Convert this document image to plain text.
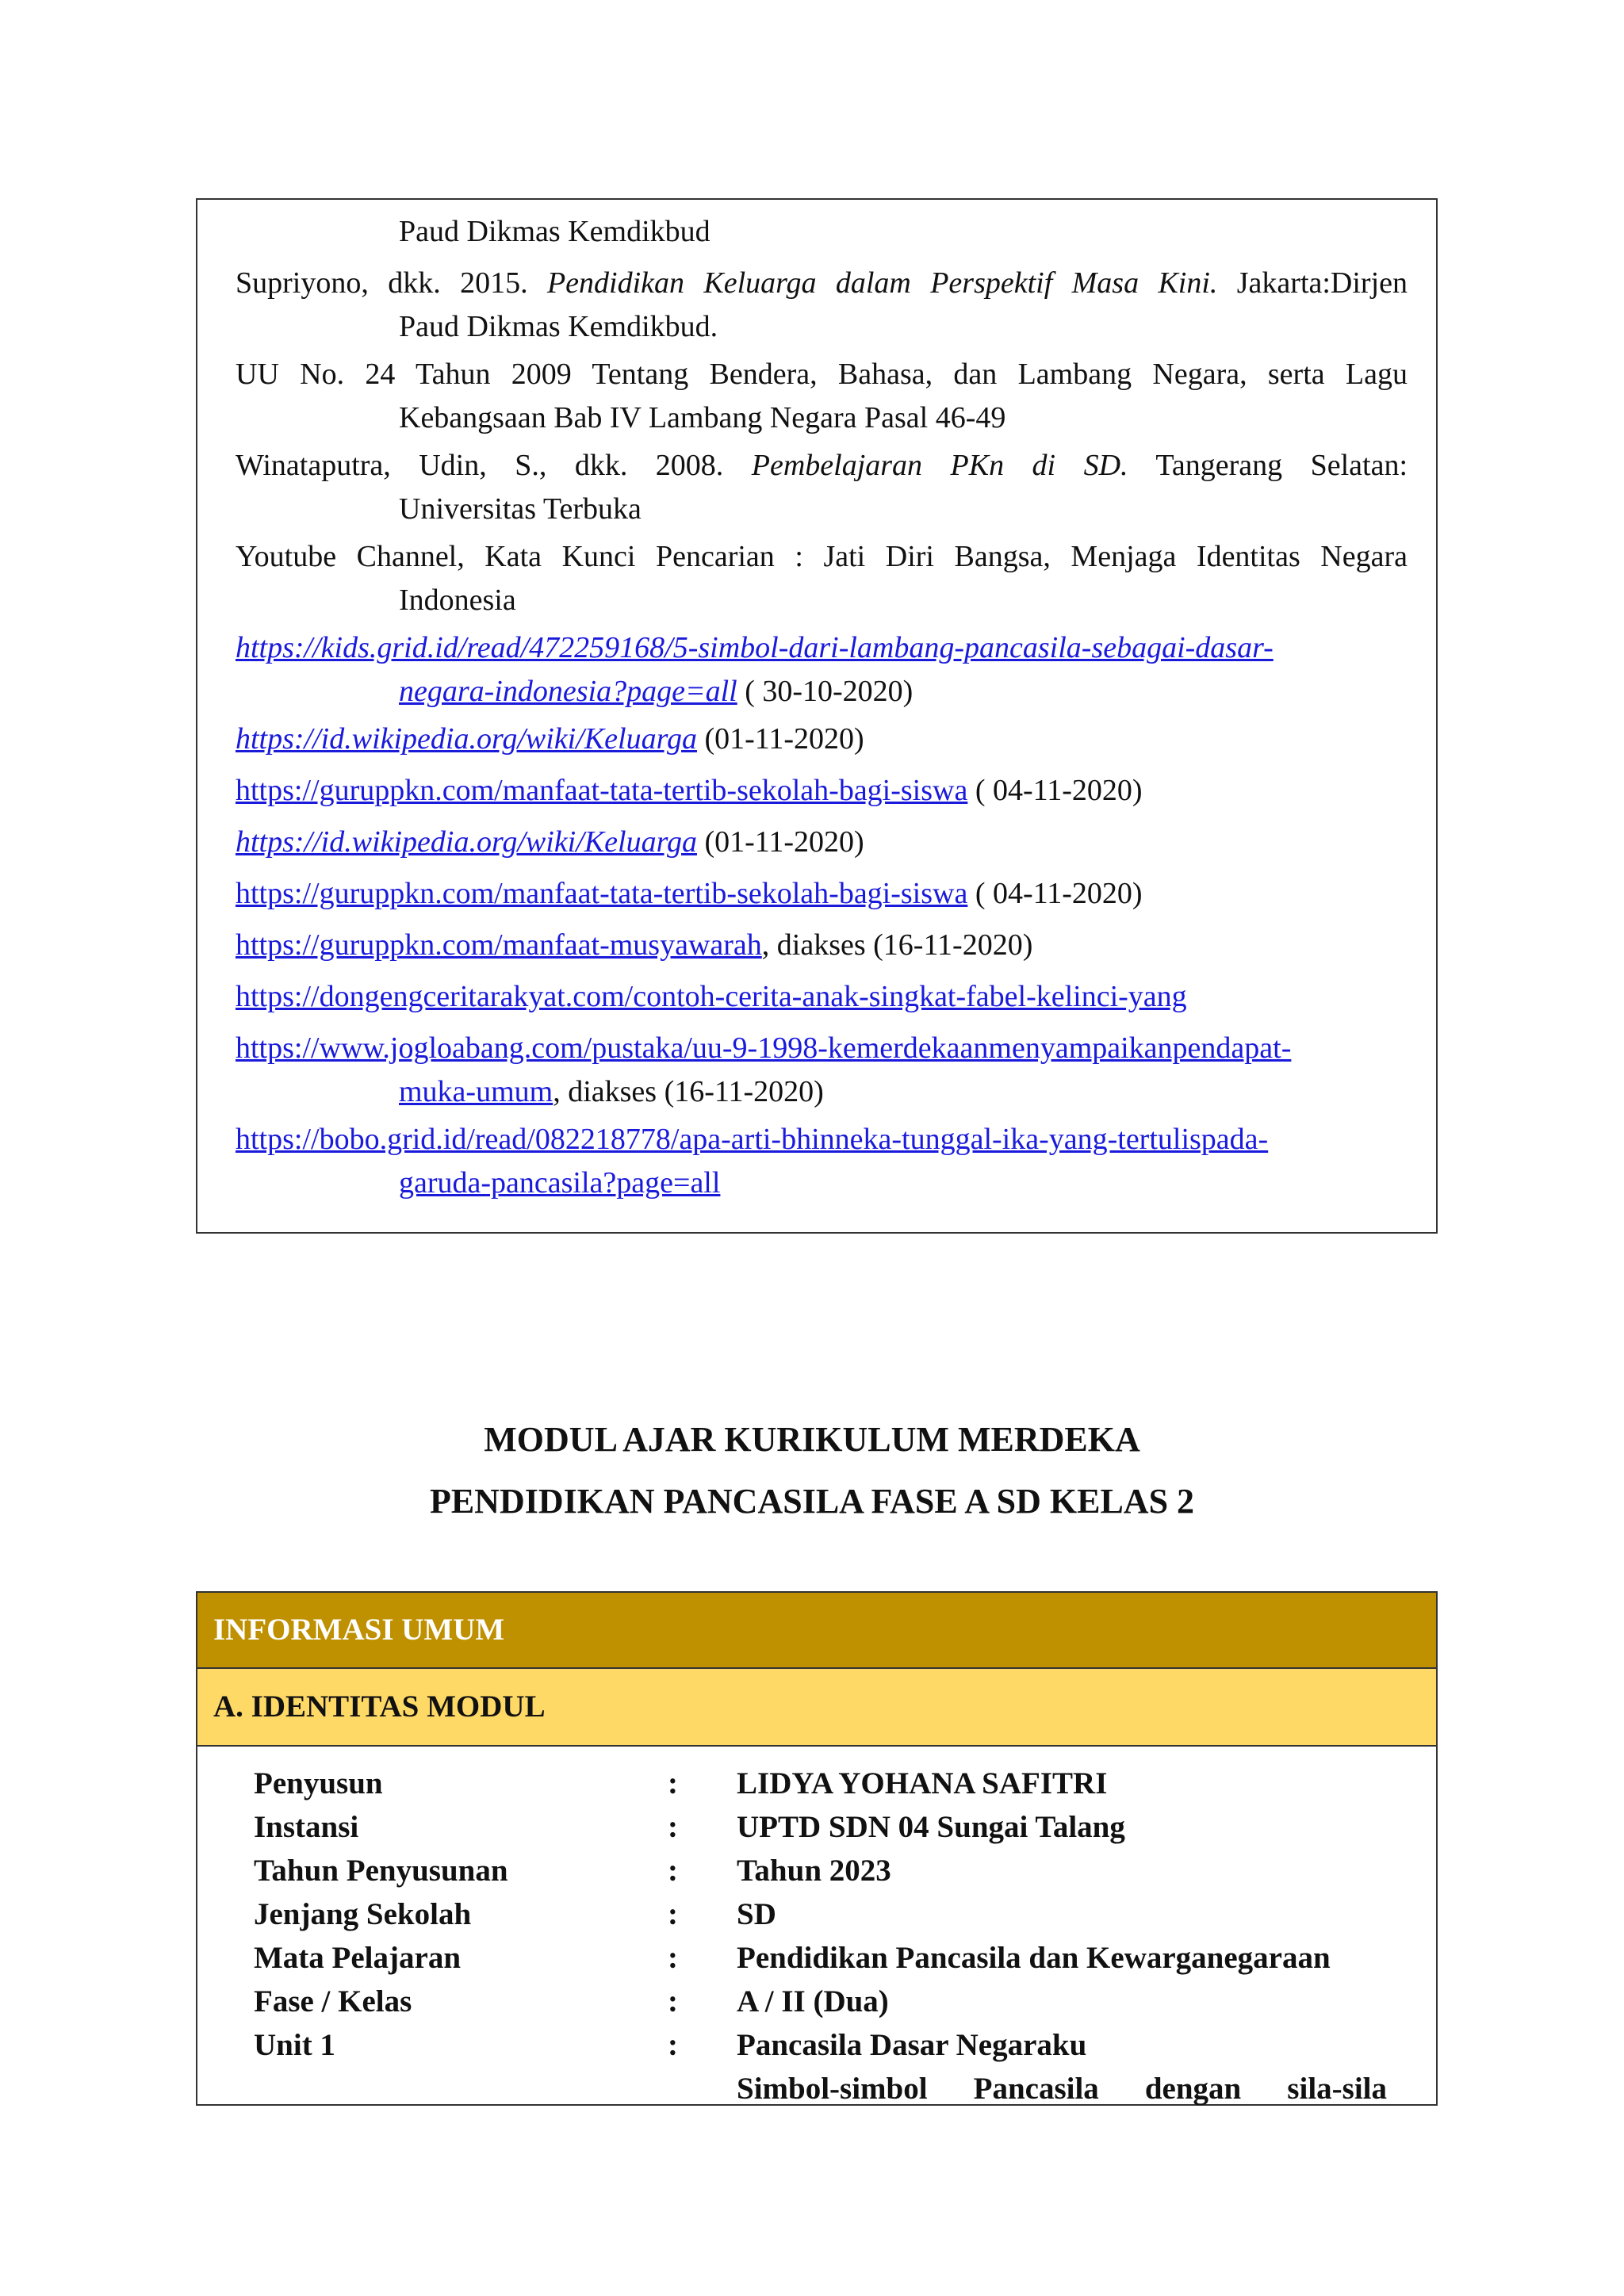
Paud Dikmas Kemdikbud
Supriyono, dkk. 2015. Pendidikan Keluarga dalam Perspektif Masa Kini. Jakarta:Dirjen
Paud Dikmas Kemdikbud.
UU No. 24 Tahun 2009 Tentang Bendera, Bahasa, dan Lambang Negara, serta Lagu
Kebangsaan Bab IV Lambang Negara Pasal 46-49
Winataputra, Udin, S., dkk. 2008. Pembelajaran PKn di SD. Tangerang Selatan:
Universitas Terbuka
Youtube Channel, Kata Kunci Pencarian : Jati Diri Bangsa, Menjaga Identitas Negara
Indonesia
https://kids.grid.id/read/472259168/5-simbol-dari-lambang-pancasila-sebagai-dasar-
negara-indonesia?page=all ( 30-10-2020)
https://id.wikipedia.org/wiki/Keluarga (01-11-2020)
https://guruppkn.com/manfaat-tata-tertib-sekolah-bagi-siswa ( 04-11-2020)
https://id.wikipedia.org/wiki/Keluarga (01-11-2020)
https://guruppkn.com/manfaat-tata-tertib-sekolah-bagi-siswa ( 04-11-2020)
https://guruppkn.com/manfaat-musyawarah, diakses (16-11-2020)
https://dongengceritarakyat.com/contoh-cerita-anak-singkat-fabel-kelinci-yang
https://www.jogloabang.com/pustaka/uu-9-1998-kemerdekaanmenyampaikanpendapat-
muka-umum, diakses (16-11-2020)
https://bobo.grid.id/read/082218778/apa-arti-bhinneka-tunggal-ika-yang-tertulispada-
garuda-pancasila?page=all
MODUL AJAR KURIKULUM MERDEKA
PENDIDIKAN PANCASILA FASE A SD KELAS 2
INFORMASI UMUM
A. IDENTITAS MODUL
Penyusun	: LIDYA YOHANA SAFITRI
Instansi	: UPTD SDN 04 Sungai Talang
Tahun Penyusunan	: Tahun 2023
Jenjang Sekolah	: SD
Mata Pelajaran	: Pendidikan Pancasila dan Kewarganegaraan
Fase / Kelas	: A / II (Dua)
Unit 1	: Pancasila Dasar Negaraku
Simbol-simbol Pancasila dengan sila-sila
